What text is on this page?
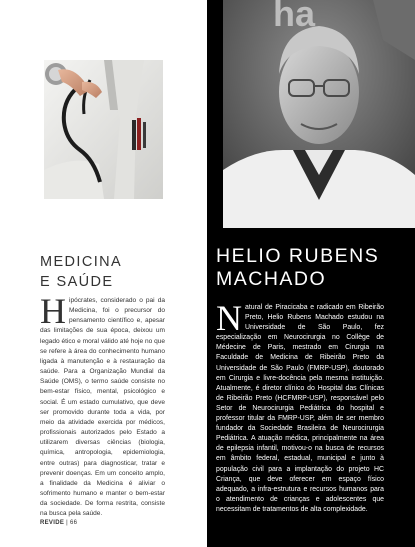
MEDICINA
E SAÚDE
Hipócrates, considerado o pai da Medicina, foi o precursor do pensamento científico e, apesar das limitações de sua época, deixou um legado ético e moral válido até hoje no que se refere à área do conhecimento humano ligada à manutenção e à restauração da saúde. Para a Organização Mundial da Saúde (OMS), o termo saúde consiste no bem-estar físico, mental, psicológico e social. É um estado cumulativo, que deve ser promovido durante toda a vida, por meio da atividade exercida por médicos, profissionais autorizados pelo Estado a utilizarem diversas ciências (biologia, química, antropologia, epidemiologia, entre outras) para diagnosticar, tratar e prevenir doenças. Em um conceito amplo, a finalidade da Medicina é aliviar o sofrimento humano e manter o bem-estar da sociedade. De forma restrita, consiste na busca pela saúde.
REVIDE | 66
ha
HELIO RUBENS
MACHADO
Natural de Piracicaba e radicado em Ribeirão Preto, Helio Rubens Machado estudou na Universidade de São Paulo, fez especialização em Neurocirurgia no Collège de Médecine de Paris, mestrado em Cirurgia na Faculdade de Medicina de Ribeirão Preto da Universidade de São Paulo (FMRP-USP), doutorado em Cirurgia e livre-docência pela mesma instituição. Atualmente, é diretor clínico do Hospital das Clínicas de Ribeirão Preto (HCFMRP-USP), responsável pelo Setor de Neurocirurgia Pediátrica do hospital e professor titular da FMRP-USP, além de ser membro fundador da Sociedade Brasileira de Neurocirurgia Pediátrica. A atuação médica, principalmente na área de epilepsia infantil, motivou-o na busca de recursos em âmbito federal, estadual, municipal e junto à população civil para a implantação do projeto HC Criança, que deve oferecer em espaço físico adequado, a infra-estrutura e recursos humanos para o atendimento de crianças e adolescentes que necessitam de tratamentos de alta complexidade.
